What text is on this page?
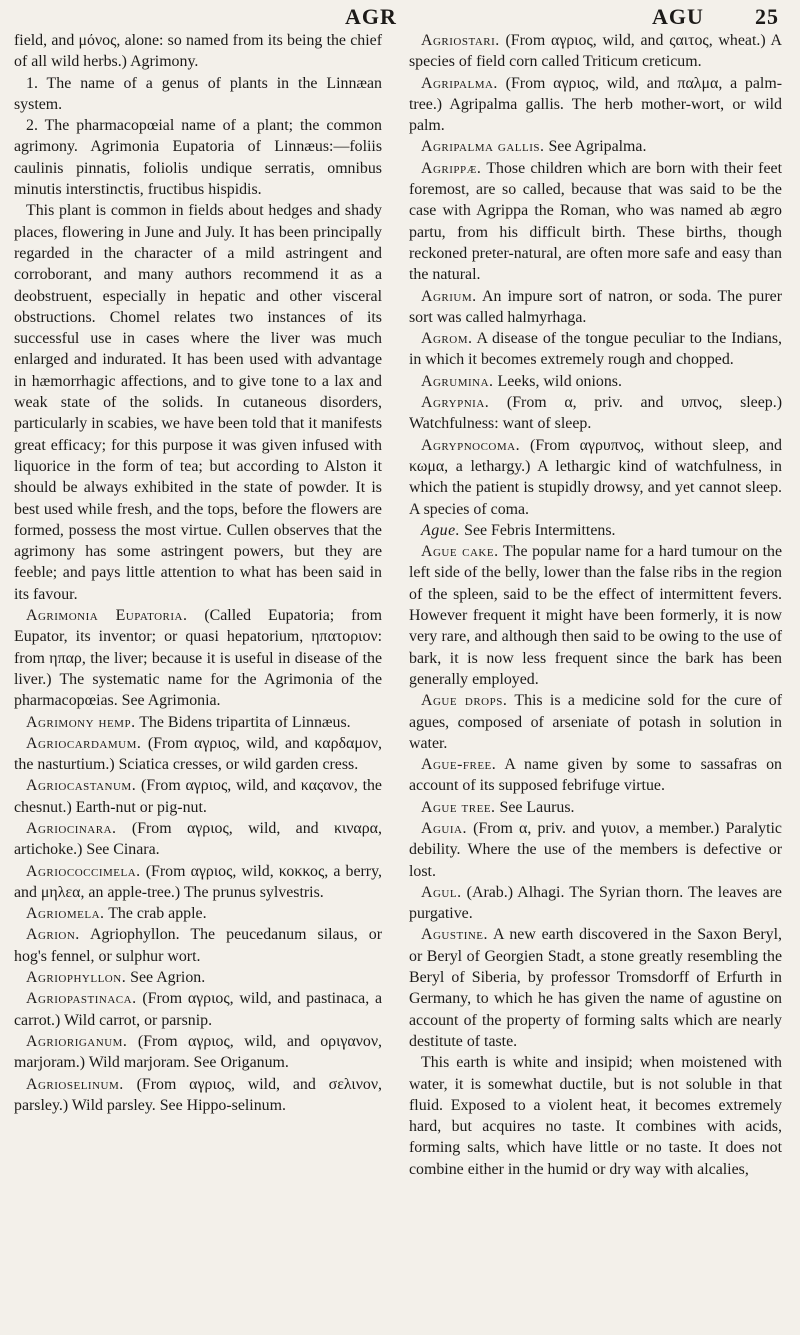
AGR	AGU 25

field, and μόνος, alone: so named from its being the chief of all wild herbs.) Agrimony.

1. The name of a genus of plants in the Linnæan system.

2. The pharmacopœial name of a plant; the common agrimony. Agrimonia Eupatoria of Linnæus:—foliis caulinis pinnatis, foliolis undique serratis, omnibus minutis interstinctis, fructibus hispidis.

This plant is common in fields about hedges and shady places, flowering in June and July. It has been principally regarded in the character of a mild astringent and corroborant, and many authors recommend it as a deobstruent, especially in hepatic and other visceral obstructions. Chomel relates two instances of its successful use in cases where the liver was much enlarged and indurated. It has been used with advantage in hæmorrhagic affections, and to give tone to a lax and weak state of the solids. In cutaneous disorders, particularly in scabies, we have been told that it manifests great efficacy; for this purpose it was given infused with liquorice in the form of tea; but according to Alston it should be always exhibited in the state of powder. It is best used while fresh, and the tops, before the flowers are formed, possess the most virtue. Cullen observes that the agrimony has some astringent powers, but they are feeble; and pays little attention to what has been said in its favour.

Agrimonia Eupatoria. (Called Eupatoria; from Eupator, its inventor; or quasi hepatorium, ηπατοριον: from ηπαρ, the liver; because it is useful in disease of the liver.) The systematic name for the Agrimonia of the pharmacopœias. See Agrimonia.

Agrimony hemp. The Bidens tripartita of Linnæus.

Agriocardamum. (From αγριος, wild, and καρδαμον, the nasturtium.) Sciatica cresses, or wild garden cress.

Agriocastanum. (From αγριος, wild, and καςανον, the chesnut.) Earth-nut or pig-nut.

Agriocinara. (From αγριος, wild, and κιναρα, artichoke.) See Cinara.

Agriococcimela. (From αγριος, wild, κοκκος, a berry, and μηλεα, an apple-tree.) The prunus sylvestris.

Agriomela. The crab apple.

Agrion. Agriophyllon. The peucedanum silaus, or hog's fennel, or sulphur wort.

Agriophyllon. See Agrion.

Agriopastinaca. (From αγριος, wild, and pastinaca, a carrot.) Wild carrot, or parsnip.

Agrioriganum. (From αγριος, wild, and οριγανον, marjoram.) Wild marjoram. See Origanum.

Agrioselinum. (From αγριος, wild, and σελινον, parsley.) Wild parsley. See Hippo-selinum.

Agriostari. (From αγριος, wild, and ςαιτος, wheat.) A species of field corn called Triticum creticum.

Agripalma. (From αγριος, wild, and παλμα, a palm-tree.) Agripalma gallis. The herb mother-wort, or wild palm.

Agripalma gallis. See Agripalma.

Agrippæ. Those children which are born with their feet foremost, are so called, because that was said to be the case with Agrippa the Roman, who was named ab ægro partu, from his difficult birth. These births, though reckoned preter-natural, are often more safe and easy than the natural.

Agrium. An impure sort of natron, or soda. The purer sort was called halmyrhaga.

Agrom. A disease of the tongue peculiar to the Indians, in which it becomes extremely rough and chopped.

Agrumina. Leeks, wild onions.

Agrypnia. (From α, priv. and υπνος, sleep.) Watchfulness: want of sleep.

Agrypnocoma. (From αγρυπνος, without sleep, and κωμα, a lethargy.) A lethargic kind of watchfulness, in which the patient is stupidly drowsy, and yet cannot sleep. A species of coma.

Ague. See Febris Intermittens.

Ague cake. The popular name for a hard tumour on the left side of the belly, lower than the false ribs in the region of the spleen, said to be the effect of intermittent fevers. However frequent it might have been formerly, it is now very rare, and although then said to be owing to the use of bark, it is now less frequent since the bark has been generally employed.

Ague drops. This is a medicine sold for the cure of agues, composed of arseniate of potash in solution in water.

Ague-free. A name given by some to sassafras on account of its supposed febrifuge virtue.

Ague tree. See Laurus.

Aguia. (From α, priv. and γυιον, a member.) Paralytic debility. Where the use of the members is defective or lost.

Agul. (Arab.) Alhagi. The Syrian thorn. The leaves are purgative.

Agustine. A new earth discovered in the Saxon Beryl, or Beryl of Georgien Stadt, a stone greatly resembling the Beryl of Siberia, by professor Tromsdorff of Erfurth in Germany, to which he has given the name of agustine on account of the property of forming salts which are nearly destitute of taste.

This earth is white and insipid; when moistened with water, it is somewhat ductile, but is not soluble in that fluid. Exposed to a violent heat, it becomes extremely hard, but acquires no taste. It combines with acids, forming salts, which have little or no taste. It does not combine either in the humid or dry way with alcalies,
